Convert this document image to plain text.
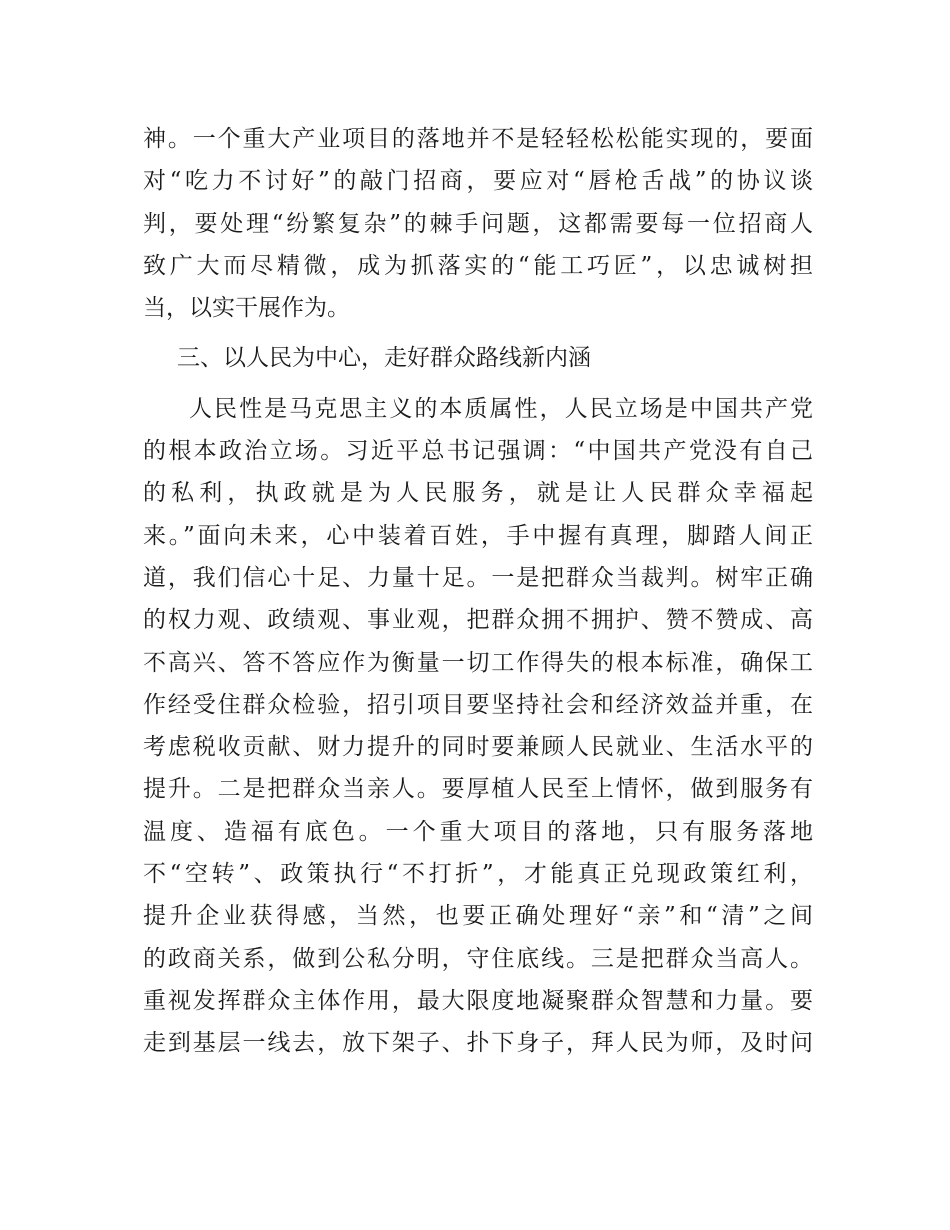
神。一个重大产业项目的落地并不是轻轻松松能实现的，要面
对“吃力不讨好”的敲门招商，要应对“唇枪舌战”的协议谈
判，要处理“纷繁复杂”的棘手问题，这都需要每一位招商人
致广大而尽精微，成为抓落实的“能工巧匠”，以忠诚树担
当，以实干展作为。
三、以人民为中心，走好群众路线新内涵
人民性是马克思主义的本质属性，人民立场是中国共产党
的根本政治立场。习近平总书记强调：“中国共产党没有自己
的私利，执政就是为人民服务，就是让人民群众幸福起
来。”面向未来，心中装着百姓，手中握有真理，脚踏人间正
道，我们信心十足、力量十足。一是把群众当裁判。树牢正确
的权力观、政绩观、事业观，把群众拥不拥护、赞不赞成、高
不高兴、答不答应作为衡量一切工作得失的根本标准，确保工
作经受住群众检验，招引项目要坚持社会和经济效益并重，在
考虑税收贡献、财力提升的同时要兼顾人民就业、生活水平的
提升。二是把群众当亲人。要厚植人民至上情怀，做到服务有
温度、造福有底色。一个重大项目的落地，只有服务落地
不“空转”、政策执行“不打折”，才能真正兑现政策红利，
提升企业获得感，当然，也要正确处理好“亲”和“清”之间
的政商关系，做到公私分明，守住底线。三是把群众当高人。
重视发挥群众主体作用，最大限度地凝聚群众智慧和力量。要
走到基层一线去，放下架子、扑下身子，拜人民为师，及时问
